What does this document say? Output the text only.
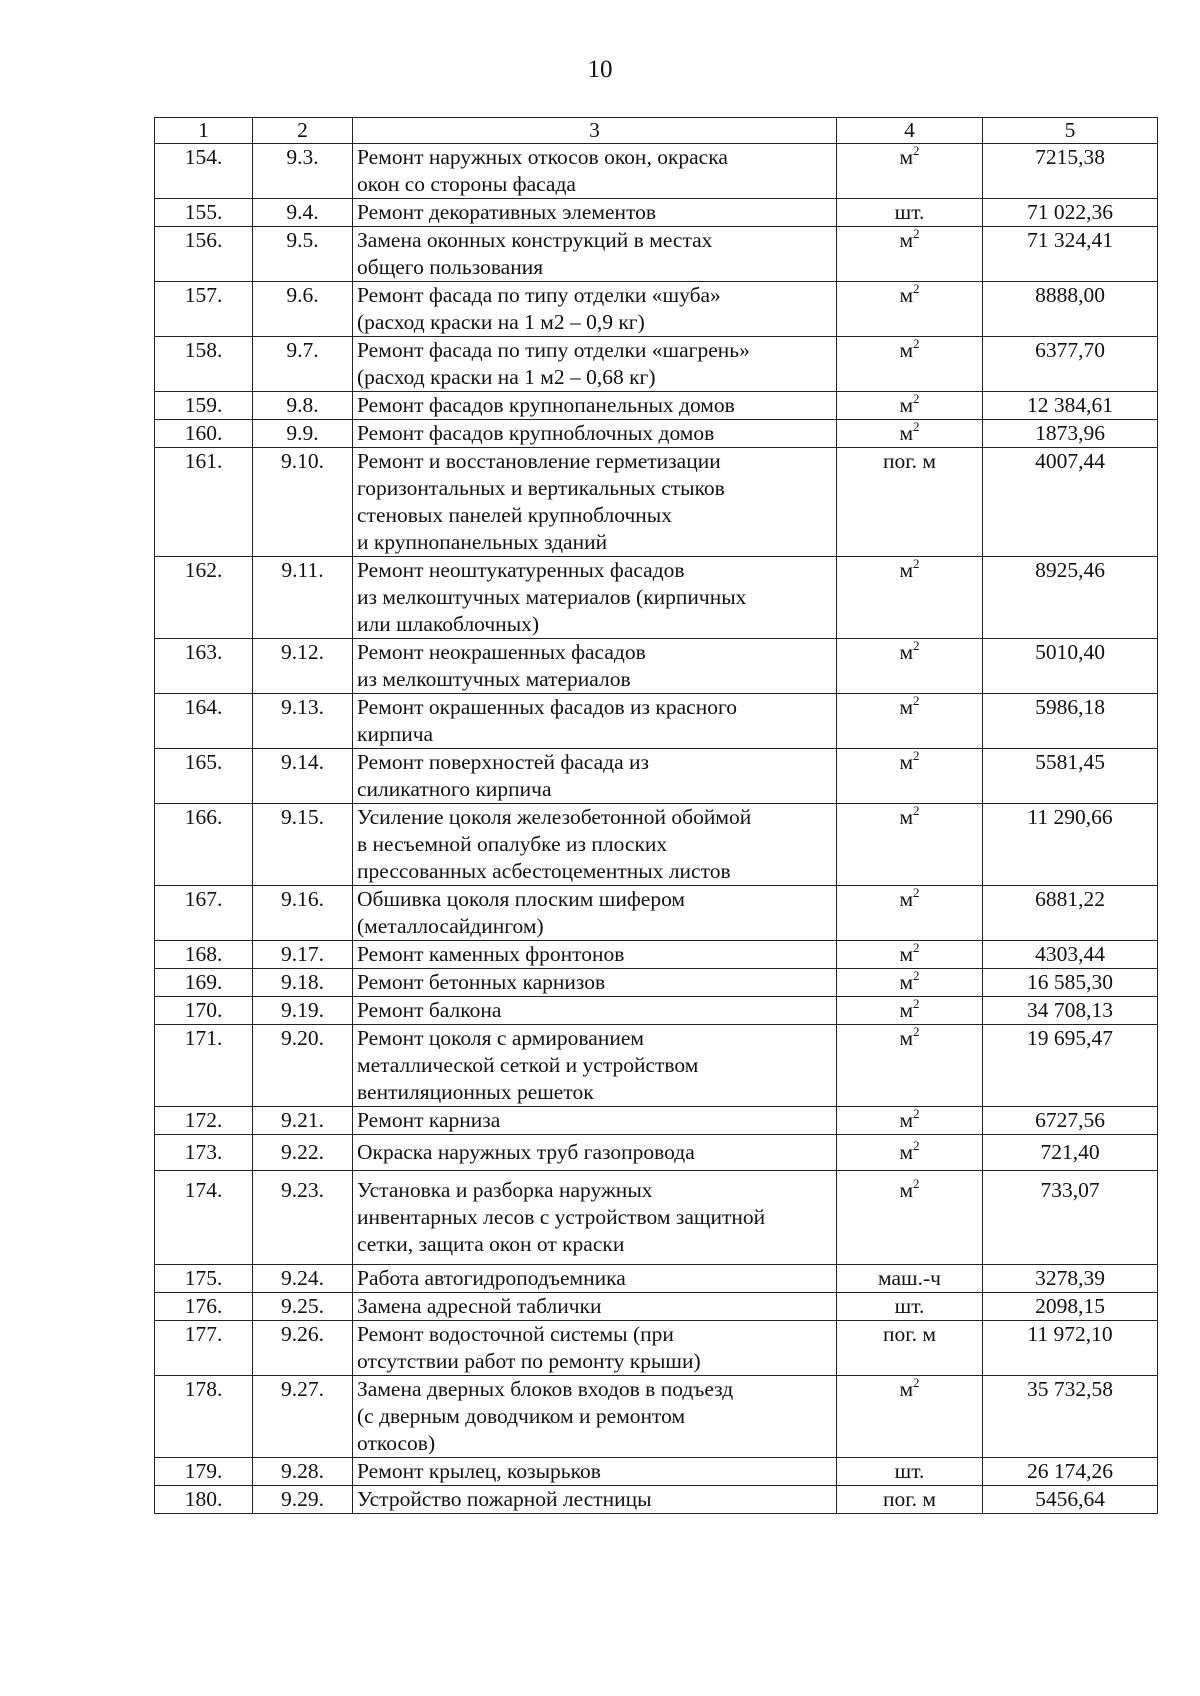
10
1	2	3	4	5
154.	9.3.	Ремонт наружных откосов окон, окраска
окон со стороны фасада	$м^2$	7215,38
155.	9.4.	Ремонт декоративных элементов	шт.	71 022,36
156.	9.5.	Замена оконных конструкций в местах
общего пользования	$м^2$	71 324,41
157.	9.6.	Ремонт фасада по типу отделки «шуба»
(расход краски на 1 м2 – 0,9 кг)	$м^2$	8888,00
158.	9.7.	Ремонт фасада по типу отделки «шагрень»
(расход краски на 1 м2 – 0,68 кг)	$м^2$	6377,70
159.	9.8.	Ремонт фасадов крупнопанельных домов	$м^2$	12 384,61
160.	9.9.	Ремонт фасадов крупноблочных домов	$м^2$	1873,96
161.	9.10.	Ремонт и восстановление герметизации
горизонтальных и вертикальных стыков
стеновых панелей крупноблочных
и крупнопанельных зданий	пог. м	4007,44
162.	9.11.	Ремонт неоштукатуренных фасадов
из мелкоштучных материалов (кирпичных
или шлакоблочных)	$м^2$	8925,46
163.	9.12.	Ремонт неокрашенных фасадов
из мелкоштучных материалов	$м^2$	5010,40
164.	9.13.	Ремонт окрашенных фасадов из красного
кирпича	$м^2$	5986,18
165.	9.14.	Ремонт поверхностей фасада из
силикатного кирпича	$м^2$	5581,45
166.	9.15.	Усиление цоколя железобетонной обоймой
в несъемной опалубке из плоских
прессованных асбестоцементных листов	$м^2$	11 290,66
167.	9.16.	Обшивка цоколя плоским шифером
(металлосайдингом)	$м^2$	6881,22
168.	9.17.	Ремонт каменных фронтонов	$м^2$	4303,44
169.	9.18.	Ремонт бетонных карнизов	$м^2$	16 585,30
170.	9.19.	Ремонт балкона	$м^2$	34 708,13
171.	9.20.	Ремонт цоколя с армированием
металлической сеткой и устройством
вентиляционных решеток	$м^2$	19 695,47
172.	9.21.	Ремонт карниза	$м^2$	6727,56
173.	9.22.	Окраска наружных труб газопровода	$м^2$	721,40
174.	9.23.	Установка и разборка наружных
инвентарных лесов с устройством защитной
сетки, защита окон от краски	$м^2$	733,07
175.	9.24.	Работа автогидроподъемника	маш.-ч	3278,39
176.	9.25.	Замена адресной таблички	шт.	2098,15
177.	9.26.	Ремонт водосточной системы (при
отсутствии работ по ремонту крыши)	пог. м	11 972,10
178.	9.27.	Замена дверных блоков входов в подъезд
(с дверным доводчиком и ремонтом
откосов)	$м^2$	35 732,58
179.	9.28.	Ремонт крылец, козырьков	шт.	26 174,26
180.	9.29.	Устройство пожарной лестницы	пог. м	5456,64
